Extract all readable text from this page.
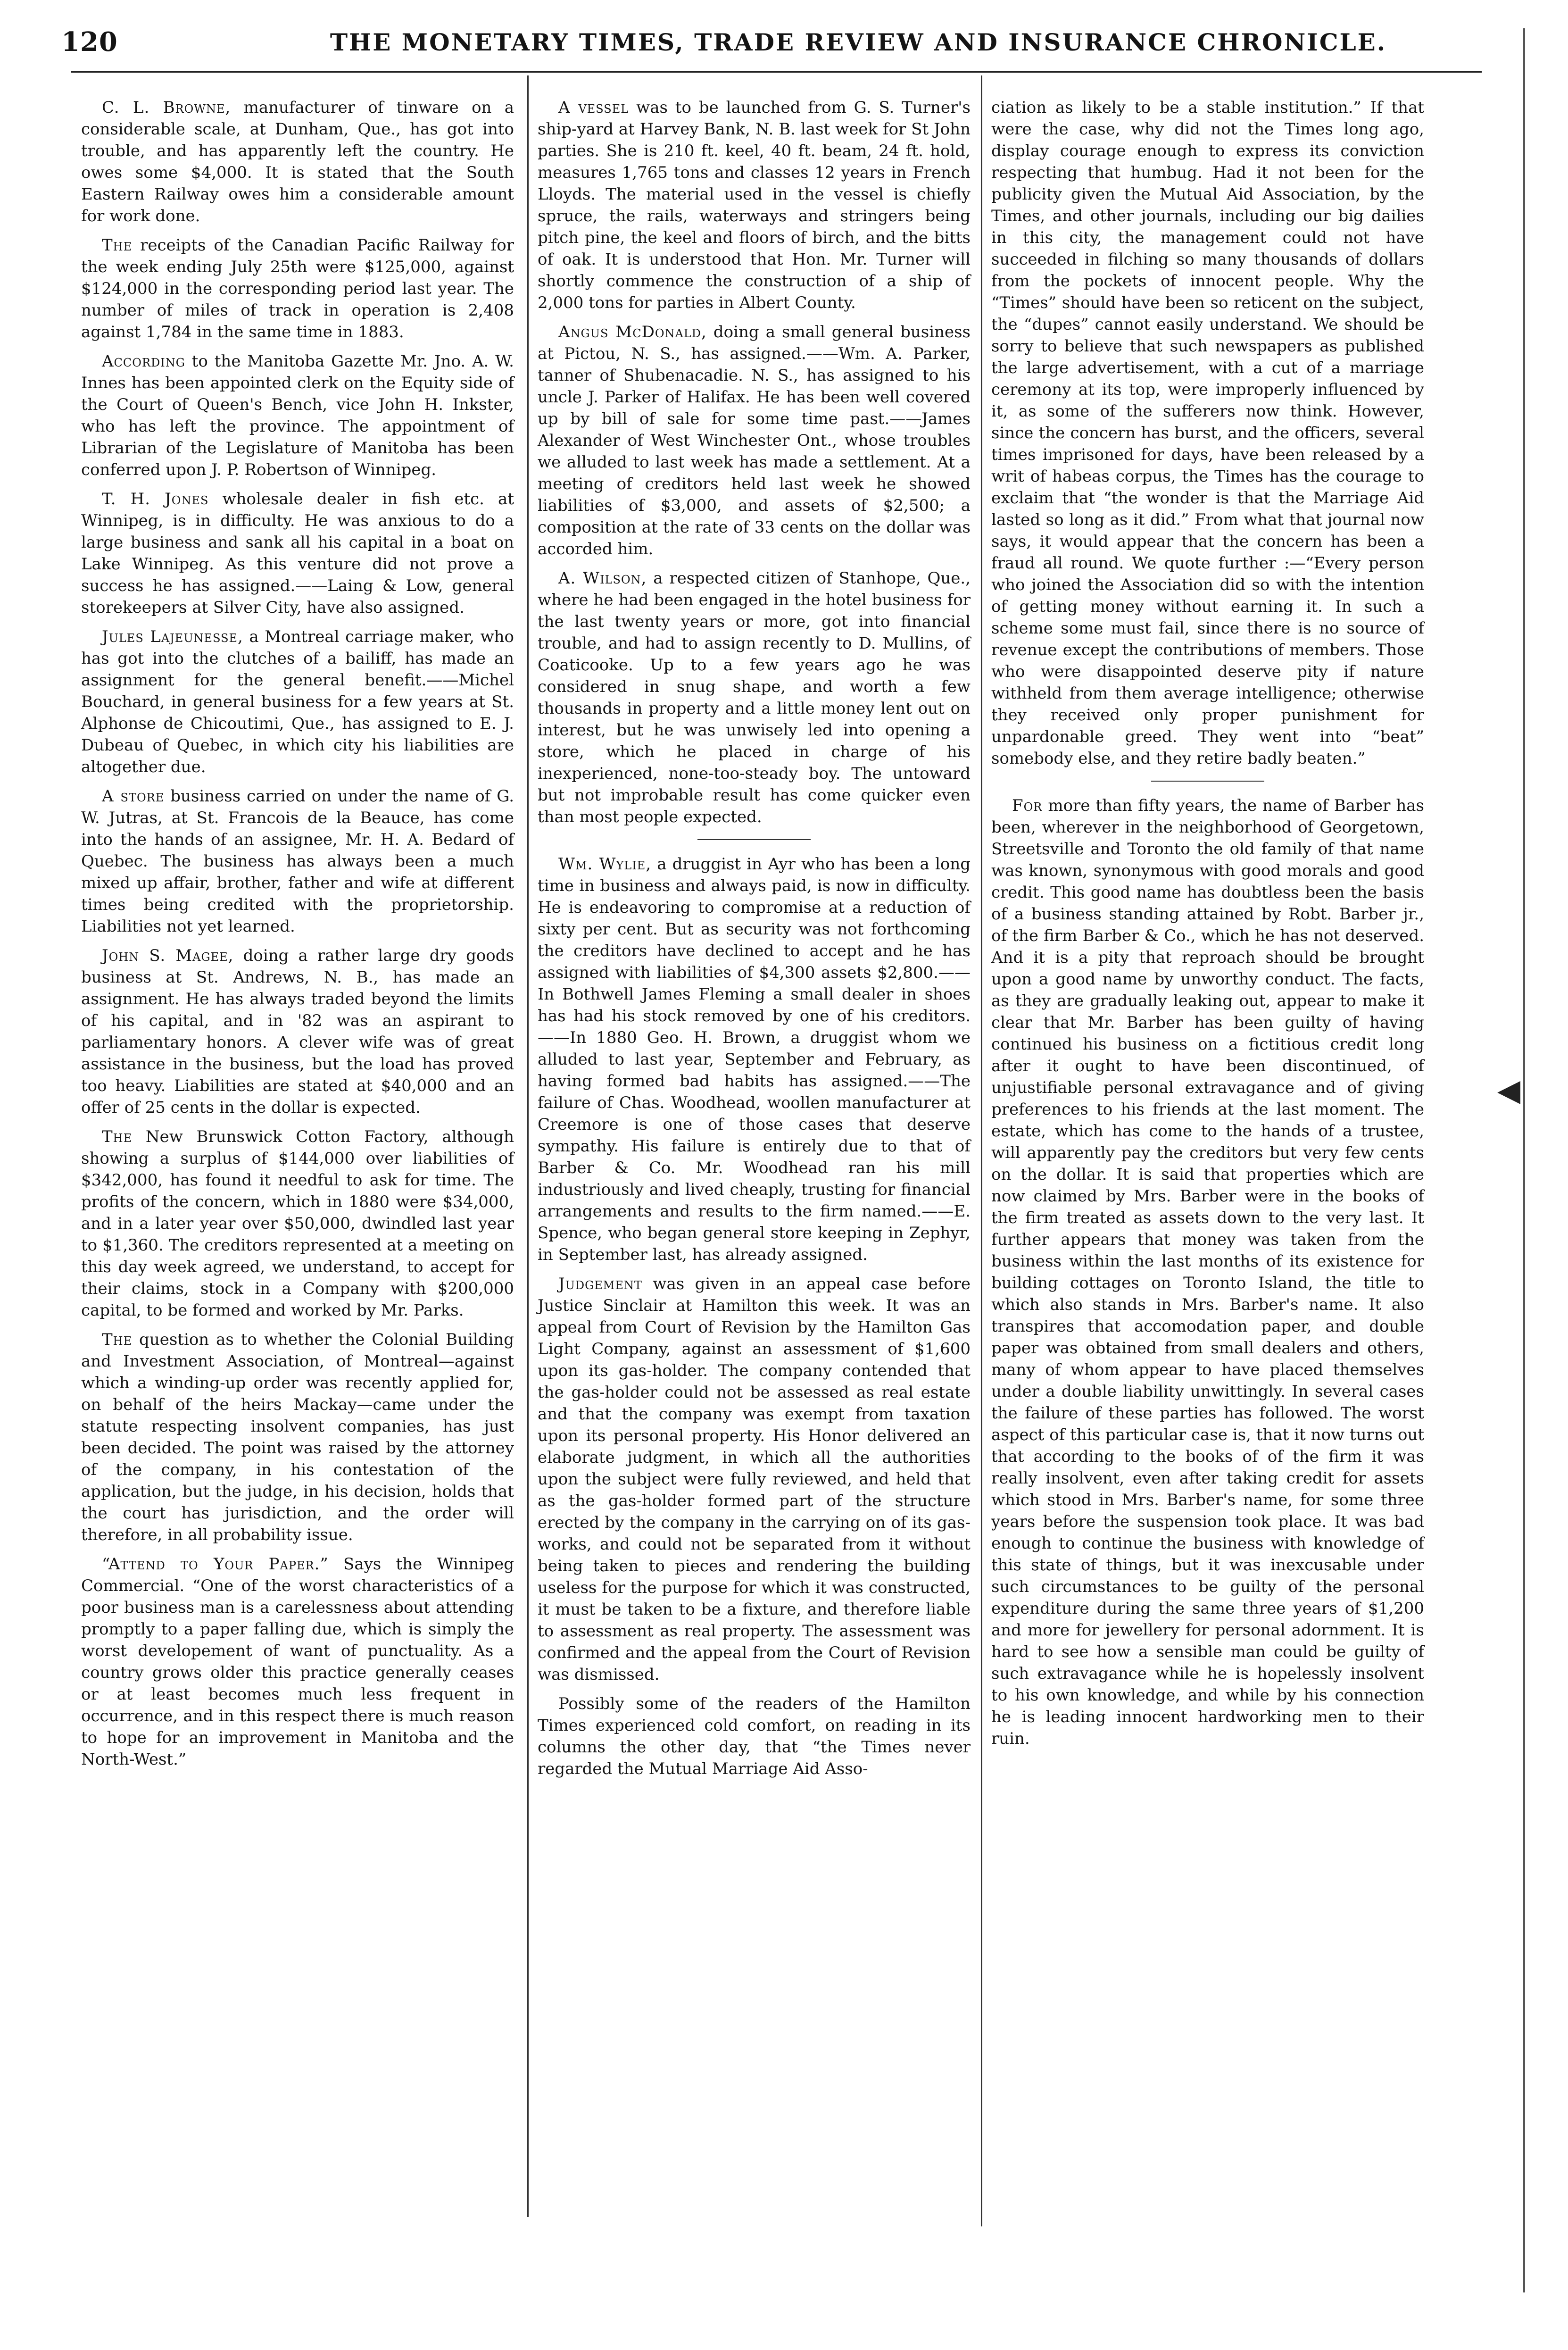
120	THE MONETARY TIMES, TRADE REVIEW AND INSURANCE CHRONICLE.
◀

C. L. Browne, manufacturer of tinware on a considerable scale, at Dunham, Que., has got into trouble, and has apparently left the country. He owes some $4,000. It is stated that the South Eastern Railway owes him a considerable amount for work done.

The receipts of the Canadian Pacific Railway for the week ending July 25th were $125,000, against $124,000 in the corresponding period last year. The number of miles of track in operation is 2,408 against 1,784 in the same time in 1883.

According to the Manitoba Gazette Mr. Jno. A. W. Innes has been appointed clerk on the Equity side of the Court of Queen's Bench, vice John H. Inkster, who has left the province. The appointment of Librarian of the Legislature of Manitoba has been conferred upon J. P. Robertson of Winnipeg.

T. H. Jones wholesale dealer in fish etc. at Winnipeg, is in difficulty. He was anxious to do a large business and sank all his capital in a boat on Lake Winnipeg. As this venture did not prove a success he has assigned.——Laing & Low, general storekeepers at Silver City, have also assigned.

Jules Lajeunesse, a Montreal carriage maker, who has got into the clutches of a bailiff, has made an assignment for the general benefit.——Michel Bouchard, in general business for a few years at St. Alphonse de Chicoutimi, Que., has assigned to E. J. Dubeau of Quebec, in which city his liabilities are altogether due.

A store business carried on under the name of G. W. Jutras, at St. Francois de la Beauce, has come into the hands of an assignee, Mr. H. A. Bedard of Quebec. The business has always been a much mixed up affair, brother, father and wife at different times being credited with the proprietorship. Liabilities not yet learned.

John S. Magee, doing a rather large dry goods business at St. Andrews, N. B., has made an assignment. He has always traded beyond the limits of his capital, and in '82 was an aspirant to parliamentary honors. A clever wife was of great assistance in the business, but the load has proved too heavy. Liabilities are stated at $40,000 and an offer of 25 cents in the dollar is expected.

The New Brunswick Cotton Factory, although showing a surplus of $144,000 over liabilities of $342,000, has found it needful to ask for time. The profits of the concern, which in 1880 were $34,000, and in a later year over $50,000, dwindled last year to $1,360. The creditors represented at a meeting on this day week agreed, we understand, to accept for their claims, stock in a Company with $200,000 capital, to be formed and worked by Mr. Parks.

The question as to whether the Colonial Building and Investment Association, of Montreal—against which a winding-up order was recently applied for, on behalf of the heirs Mackay—came under the statute respecting insolvent companies, has just been decided. The point was raised by the attorney of the company, in his contestation of the application, but the judge, in his decision, holds that the court has jurisdiction, and the order will therefore, in all probability issue.

“Attend to Your Paper.” Says the Winnipeg Commercial. “One of the worst characteristics of a poor business man is a carelessness about attending promptly to a paper falling due, which is simply the worst developement of want of punctuality. As a country grows older this practice generally ceases or at least becomes much less frequent in occurrence, and in this respect there is much reason to hope for an improvement in Manitoba and the North-West.”

A vessel was to be launched from G. S. Turner's ship-yard at Harvey Bank, N. B. last week for St John parties. She is 210 ft. keel, 40 ft. beam, 24 ft. hold, measures 1,765 tons and classes 12 years in French Lloyds. The material used in the vessel is chiefly spruce, the rails, waterways and stringers being pitch pine, the keel and floors of birch, and the bitts of oak. It is understood that Hon. Mr. Turner will shortly commence the construction of a ship of 2,000 tons for parties in Albert County.

Angus McDonald, doing a small general business at Pictou, N. S., has assigned.——Wm. A. Parker, tanner of Shubenacadie. N. S., has assigned to his uncle J. Parker of Halifax. He has been well covered up by bill of sale for some time past.——James Alexander of West Winchester Ont., whose troubles we alluded to last week has made a settlement. At a meeting of creditors held last week he showed liabilities of $3,000, and assets of $2,500; a composition at the rate of 33 cents on the dollar was accorded him.

A. Wilson, a respected citizen of Stanhope, Que., where he had been engaged in the hotel business for the last twenty years or more, got into financial trouble, and had to assign recently to D. Mullins, of Coaticooke. Up to a few years ago he was considered in snug shape, and worth a few thousands in property and a little money lent out on interest, but he was unwisely led into opening a store, which he placed in charge of his inexperienced, none-too-steady boy. The untoward but not improbable result has come quicker even than most people expected.

Wm. Wylie, a druggist in Ayr who has been a long time in business and always paid, is now in difficulty. He is endeavoring to compromise at a reduction of sixty per cent. But as security was not forthcoming the creditors have declined to accept and he has assigned with liabilities of $4,300 assets $2,800.——In Bothwell James Fleming a small dealer in shoes has had his stock removed by one of his creditors.——In 1880 Geo. H. Brown, a druggist whom we alluded to last year, September and February, as having formed bad habits has assigned.——The failure of Chas. Woodhead, woollen manufacturer at Creemore is one of those cases that deserve sympathy. His failure is entirely due to that of Barber & Co. Mr. Woodhead ran his mill industriously and lived cheaply, trusting for financial arrangements and results to the firm named.——E. Spence, who began general store keeping in Zephyr, in September last, has already assigned.

Judgement was given in an appeal case before Justice Sinclair at Hamilton this week. It was an appeal from Court of Revision by the Hamilton Gas Light Company, against an assessment of $1,600 upon its gas-holder. The company contended that the gas-holder could not be assessed as real estate and that the company was exempt from taxation upon its personal property. His Honor delivered an elaborate judgment, in which all the authorities upon the subject were fully reviewed, and held that as the gas-holder formed part of the structure erected by the company in the carrying on of its gas-works, and could not be separated from it without being taken to pieces and rendering the building useless for the purpose for which it was constructed, it must be taken to be a fixture, and therefore liable to assessment as real property. The assessment was confirmed and the appeal from the Court of Revision was dismissed.

Possibly some of the readers of the Hamilton Times experienced cold comfort, on reading in its columns the other day, that “the Times never regarded the Mutual Marriage Aid Asso-

ciation as likely to be a stable institution.” If that were the case, why did not the Times long ago, display courage enough to express its conviction respecting that humbug. Had it not been for the publicity given the Mutual Aid Association, by the Times, and other journals, including our big dailies in this city, the management could not have succeeded in filching so many thousands of dollars from the pockets of innocent people. Why the “Times” should have been so reticent on the subject, the “dupes” cannot easily understand. We should be sorry to believe that such newspapers as published the large advertisement, with a cut of a marriage ceremony at its top, were improperly influenced by it, as some of the sufferers now think. However, since the concern has burst, and the officers, several times imprisoned for days, have been released by a writ of habeas corpus, the Times has the courage to exclaim that “the wonder is that the Marriage Aid lasted so long as it did.” From what that journal now says, it would appear that the concern has been a fraud all round. We quote further :—“Every person who joined the Association did so with the intention of getting money without earning it. In such a scheme some must fail, since there is no source of revenue except the contributions of members. Those who were disappointed deserve pity if nature withheld from them average intelligence; otherwise they received only proper punishment for unpardonable greed. They went into “beat” somebody else, and they retire badly beaten.”

For more than fifty years, the name of Barber has been, wherever in the neighborhood of Georgetown, Streetsville and Toronto the old family of that name was known, synonymous with good morals and good credit. This good name has doubtless been the basis of a business standing attained by Robt. Barber jr., of the firm Barber & Co., which he has not deserved. And it is a pity that reproach should be brought upon a good name by unworthy conduct. The facts, as they are gradually leaking out, appear to make it clear that Mr. Barber has been guilty of having continued his business on a fictitious credit long after it ought to have been discontinued, of unjustifiable personal extravagance and of giving preferences to his friends at the last moment. The estate, which has come to the hands of a trustee, will apparently pay the creditors but very few cents on the dollar. It is said that properties which are now claimed by Mrs. Barber were in the books of the firm treated as assets down to the very last. It further appears that money was taken from the business within the last months of its existence for building cottages on Toronto Island, the title to which also stands in Mrs. Barber's name. It also transpires that accomodation paper, and double paper was obtained from small dealers and others, many of whom appear to have placed themselves under a double liability unwittingly. In several cases the failure of these parties has followed. The worst aspect of this particular case is, that it now turns out that according to the books of of the firm it was really insolvent, even after taking credit for assets which stood in Mrs. Barber's name, for some three years before the suspension took place. It was bad enough to continue the business with knowledge of this state of things, but it was inexcusable under such circumstances to be guilty of the personal expenditure during the same three years of $1,200 and more for jewellery for personal adornment. It is hard to see how a sensible man could be guilty of such extravagance while he is hopelessly insolvent to his own knowledge, and while by his connection he is leading innocent hardworking men to their ruin.
